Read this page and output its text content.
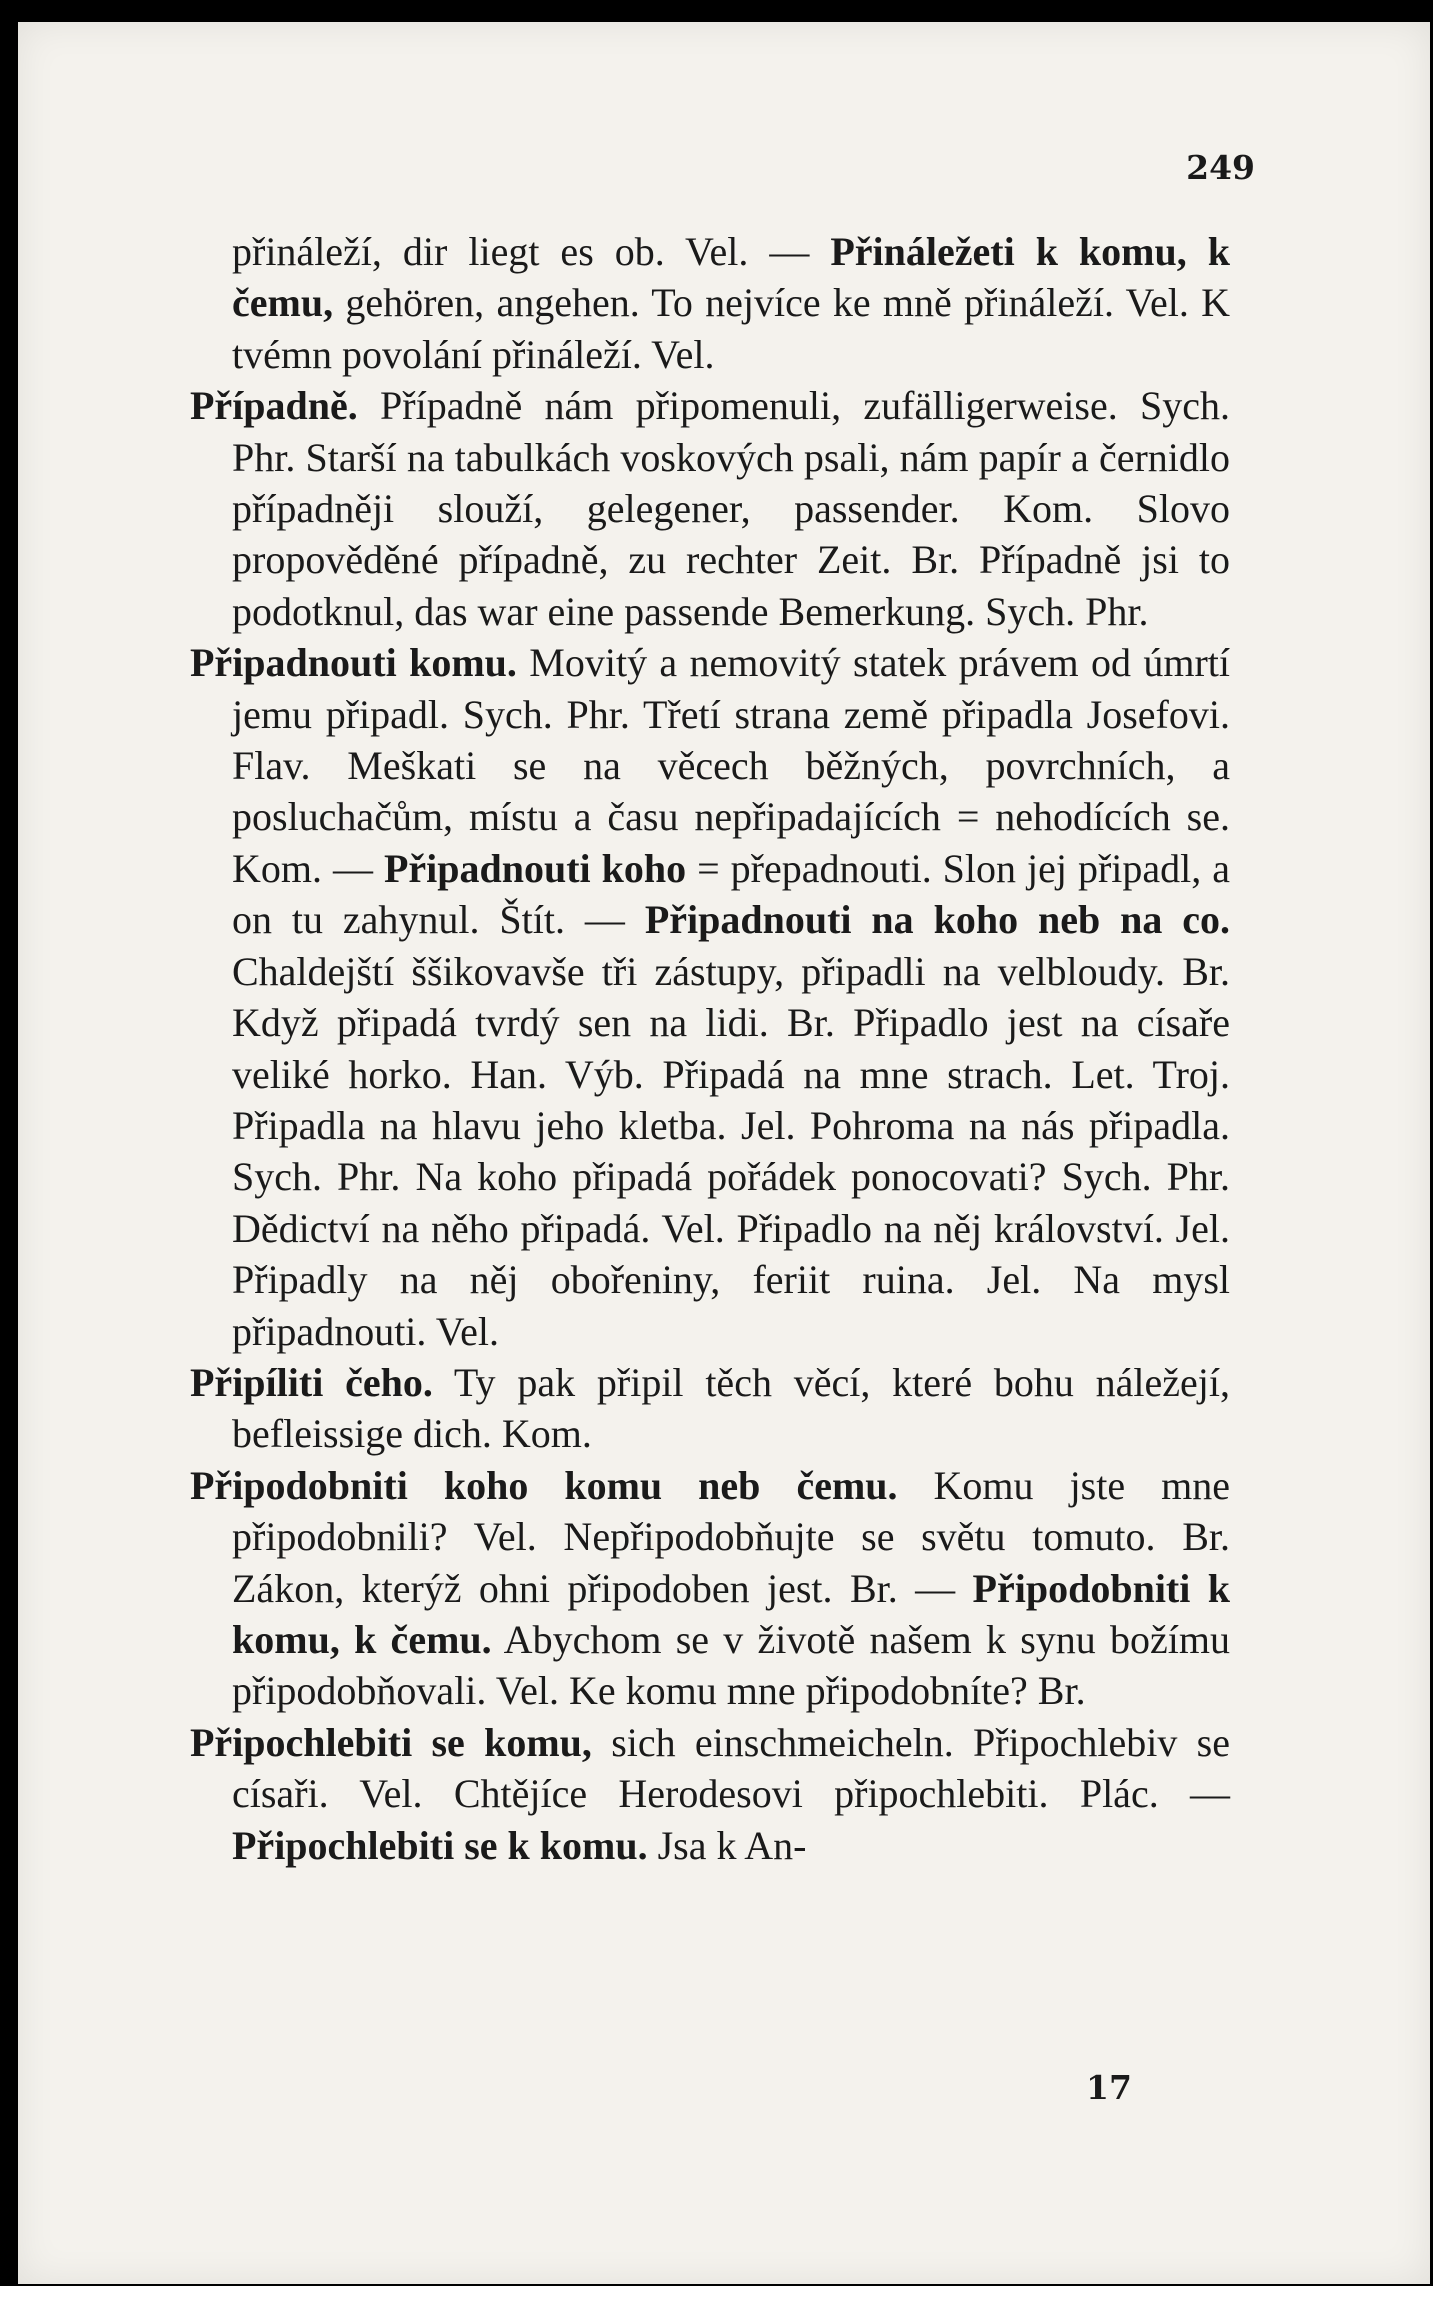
249
přináleží, dir liegt es ob. Vel. — Přináležeti k komu, k čemu, gehören, angehen. To nejvíce ke mně přináleží. Vel. K tvémn povolání přináleží. Vel.
Případně. Případně nám připomenuli, zufälligerweise. Sych. Phr. Starší na tabulkách voskových psali, nám papír a černidlo případněji slouží, gelegener, passender. Kom. Slovo propověděné případně, zu rechter Zeit. Br. Případně jsi to podotknul, das war eine passende Bemerkung. Sych. Phr.
Připadnouti komu. Movitý a nemovitý statek právem od úmrtí jemu připadl. Sych. Phr. Třetí strana země připadla Josefovi. Flav. Meškati se na věcech běžných, povrchních, a posluchačům, místu a času nepřipadajících = nehodících se. Kom. — Připadnouti koho = přepadnouti. Slon jej připadl, a on tu zahynul. Štít. — Připadnouti na koho neb na co. Chaldejští ššikovavše tři zástupy, připadli na velbloudy. Br. Když připadá tvrdý sen na lidi. Br. Připadlo jest na císaře veliké horko. Han. Výb. Připadá na mne strach. Let. Troj. Připadla na hlavu jeho kletba. Jel. Pohroma na nás připadla. Sych. Phr. Na koho připadá pořádek ponocovati? Sych. Phr. Dědictví na něho připadá. Vel. Připadlo na něj království. Jel. Připadly na něj obořeniny, feriit ruina. Jel. Na mysl připadnouti. Vel.
Připíliti čeho. Ty pak připil těch věcí, které bohu náležejí, befleissige dich. Kom.
Připodobniti koho komu neb čemu. Komu jste mne připodobnili? Vel. Nepřipodobňujte se světu tomuto. Br. Zákon, kterýž ohni připodoben jest. Br. — Připodobniti k komu, k čemu. Abychom se v životě našem k synu božímu připodobňovali. Vel. Ke komu mne připodobníte? Br.
Připochlebiti se komu, sich einschmeicheln. Připochlebiv se císaři. Vel. Chtějíce Herodesovi připochlebiti. Plác. — Připochlebiti se k komu. Jsa k An-
17
